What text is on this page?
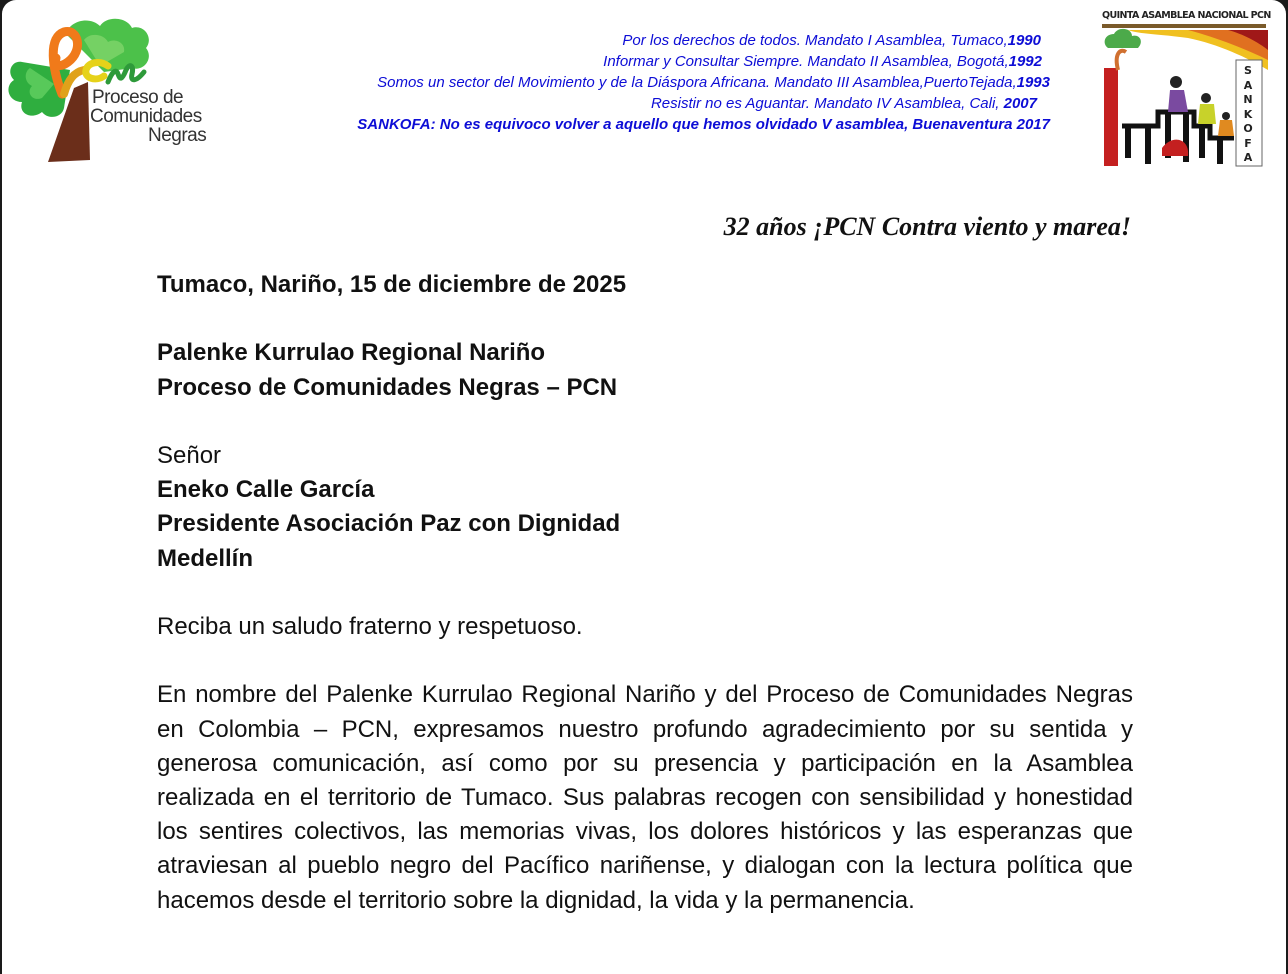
Proceso de
Comunidades
Negras
Por los derechos de todos. Mandato I Asamblea, Tumaco,1990
Informar y Consultar Siempre. Mandato II Asamblea, Bogotá,1992
Somos un sector del Movimiento y de la Diáspora Africana. Mandato III Asamblea,PuertoTejada,1993
Resistir no es Aguantar. Mandato IV Asamblea, Cali, 2007
SANKOFA: No es equivoco volver a aquello que hemos olvidado V asamblea, Buenaventura 2017
QUINTA ASAMBLEA NACIONAL PCN
S
A
N
K
O
F
A
32 años ¡PCN Contra viento y marea!

Tumaco, Nariño, 15 de diciembre de 2025

Palenke Kurrulao Regional Nariño

Proceso de Comunidades Negras – PCN

Señor

Eneko Calle García

Presidente Asociación Paz con Dignidad

Medellín

Reciba un saludo fraterno y respetuoso.

En nombre del Palenke Kurrulao Regional Nariño y del Proceso de Comunidades Negras en Colombia – PCN, expresamos nuestro profundo agradecimiento por su sentida y generosa comunicación, así como por su presencia y participación en la Asamblea realizada en el territorio de Tumaco. Sus palabras recogen con sensibilidad y honestidad los sentires colectivos, las memorias vivas, los dolores históricos y las esperanzas que atraviesan al pueblo negro del Pacífico nariñense, y dialogan con la lectura política que hacemos desde el territorio sobre la dignidad, la vida y la permanencia.
